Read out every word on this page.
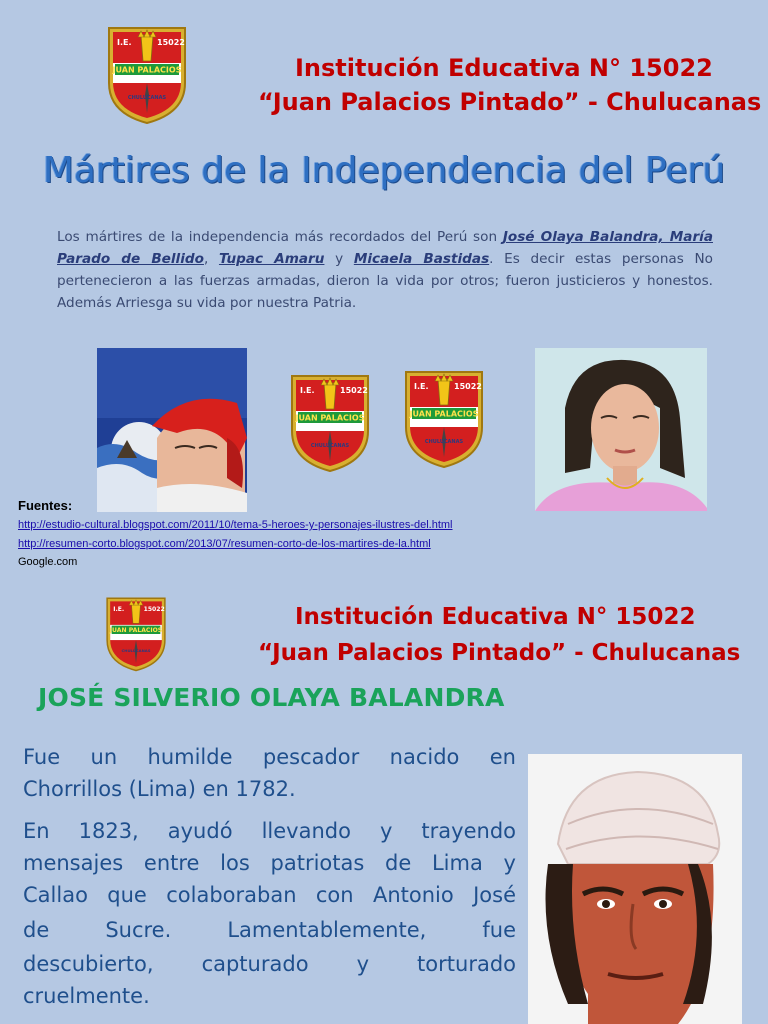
I.E.	15022
JUAN PALACIOS
CHULUCANAS
Institución Educativa N° 15022
“Juan Palacios Pintado” - Chulucanas
Mártires de la Independencia del Perú
Los mártires de la independencia más recordados del Perú son José Olaya Balandra, María Parado de Bellido, Tupac Amaru y Micaela Bastidas. Es decir estas personas No pertenecieron a las fuerzas armadas, dieron la vida por otros; fueron justicieros y honestos. Además Arriesga su vida por nuestra Patria.
I.E.	15022
JUAN PALACIOS
CHULUCANAS
I.E.	15022
JUAN PALACIOS
CHULUCANAS
Fuentes:
http://estudio-cultural.blogspot.com/2011/10/tema-5-heroes-y-personajes-ilustres-del.html
http://resumen-corto.blogspot.com/2013/07/resumen-corto-de-los-martires-de-la.html
Google.com
I.E. 15022
JUAN PALACIOS
CHULUCANAS
Institución Educativa N° 15022
“Juan Palacios Pintado” - Chulucanas
JOSÉ SILVERIO OLAYA BALANDRA
Fue un humilde pescador nacido en
Chorrillos (Lima) en 1782.
En 1823, ayudó llevando y trayendo
mensajes entre los patriotas de Lima y
Callao que colaboraban con Antonio José
de Sucre. Lamentablemente, fue
descubierto, capturado y torturado
cruelmente.
